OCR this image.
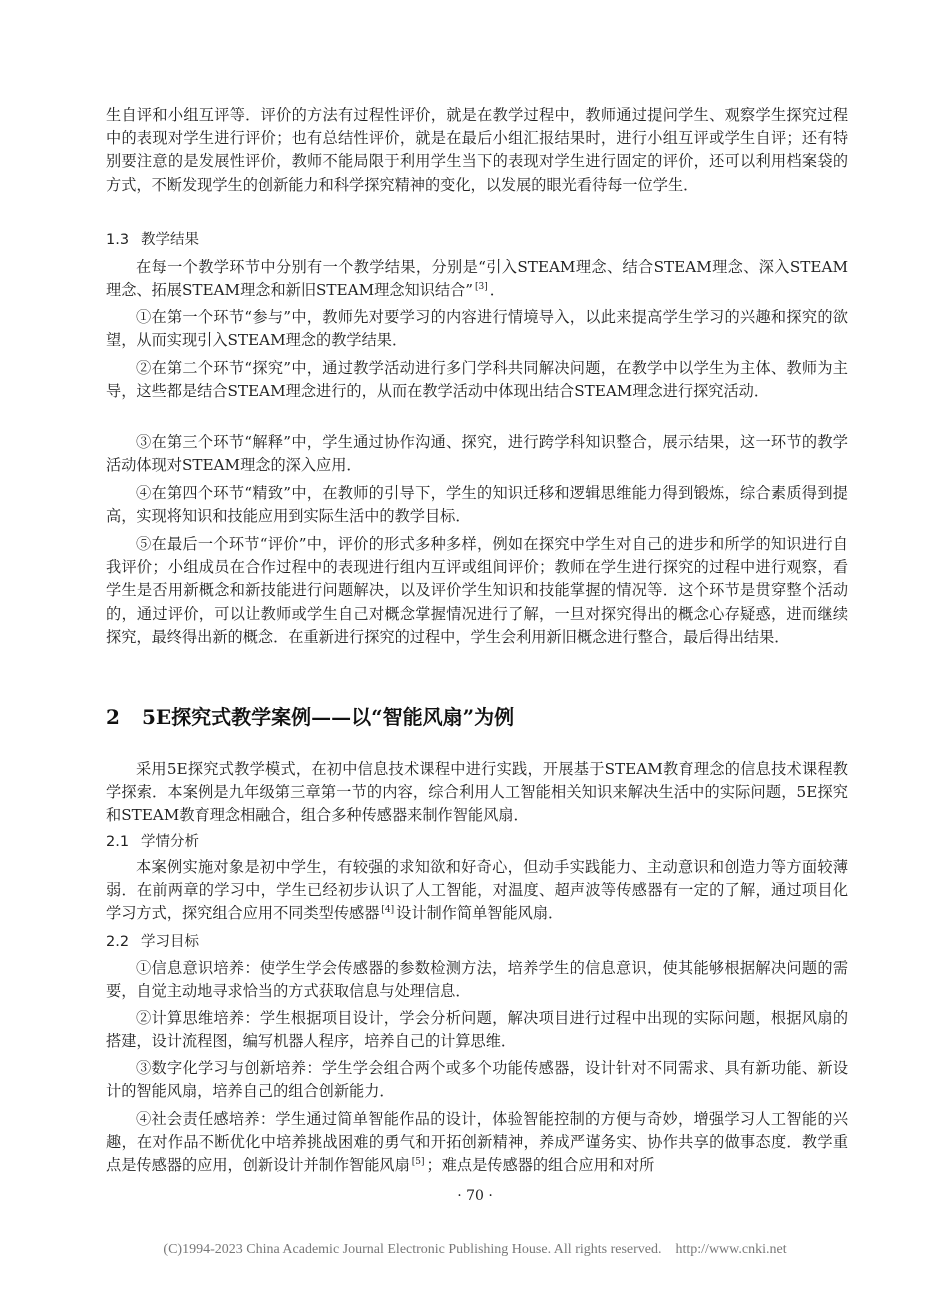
生自评和小组互评等．评价的方法有过程性评价，就是在教学过程中，教师通过提问学生、观察学生探究过程中的表现对学生进行评价；也有总结性评价，就是在最后小组汇报结果时，进行小组互评或学生自评；还有特别要注意的是发展性评价，教师不能局限于利用学生当下的表现对学生进行固定的评价，还可以利用档案袋的方式，不断发现学生的创新能力和科学探究精神的变化，以发展的眼光看待每一位学生．

1.3 教学结果

在每一个教学环节中分别有一个教学结果，分别是“引入STEAM理念、结合STEAM理念、深入STEAM理念、拓展STEAM理念和新旧STEAM理念知识结合” [3] ．

①在第一个环节“参与”中，教师先对要学习的内容进行情境导入，以此来提高学生学习的兴趣和探究的欲望，从而实现引入STEAM理念的教学结果．

②在第二个环节“探究”中，通过教学活动进行多门学科共同解决问题，在教学中以学生为主体、教师为主导，这些都是结合STEAM理念进行的，从而在教学活动中体现出结合STEAM理念进行探究活动．

③在第三个环节“解释”中，学生通过协作沟通、探究，进行跨学科知识整合，展示结果，这一环节的教学活动体现对STEAM理念的深入应用．

④在第四个环节“精致”中，在教师的引导下，学生的知识迁移和逻辑思维能力得到锻炼，综合素质得到提高，实现将知识和技能应用到实际生活中的教学目标．

⑤在最后一个环节“评价”中，评价的形式多种多样，例如在探究中学生对自己的进步和所学的知识进行自我评价；小组成员在合作过程中的表现进行组内互评或组间评价；教师在学生进行探究的过程中进行观察，看学生是否用新概念和新技能进行问题解决，以及评价学生知识和技能掌握的情况等．这个环节是贯穿整个活动的，通过评价，可以让教师或学生自己对概念掌握情况进行了解，一旦对探究得出的概念心存疑惑，进而继续探究，最终得出新的概念．在重新进行探究的过程中，学生会利用新旧概念进行整合，最后得出结果．

2 5E探究式教学案例——以“智能风扇”为例

采用5E探究式教学模式，在初中信息技术课程中进行实践，开展基于STEAM教育理念的信息技术课程教学探索．本案例是九年级第三章第一节的内容，综合利用人工智能相关知识来解决生活中的实际问题，5E探究和STEAM教育理念相融合，组合多种传感器来制作智能风扇．

2.1 学情分析

本案例实施对象是初中学生，有较强的求知欲和好奇心，但动手实践能力、主动意识和创造力等方面较薄弱．在前两章的学习中，学生已经初步认识了人工智能，对温度、超声波等传感器有一定的了解，通过项目化学习方式，探究组合应用不同类型传感器 [4] 设计制作简单智能风扇．

2.2 学习目标

①信息意识培养：使学生学会传感器的参数检测方法，培养学生的信息意识，使其能够根据解决问题的需要，自觉主动地寻求恰当的方式获取信息与处理信息．

②计算思维培养：学生根据项目设计，学会分析问题，解决项目进行过程中出现的实际问题，根据风扇的搭建，设计流程图，编写机器人程序，培养自己的计算思维．

③数字化学习与创新培养：学生学会组合两个或多个功能传感器，设计针对不同需求、具有新功能、新设计的智能风扇，培养自己的组合创新能力．

④社会责任感培养：学生通过简单智能作品的设计，体验智能控制的方便与奇妙，增强学习人工智能的兴趣，在对作品不断优化中培养挑战困难的勇气和开拓创新精神，养成严谨务实、协作共享的做事态度．教学重点是传感器的应用，创新设计并制作智能风扇 [5] ；难点是传感器的组合应用和对所

· 70 ·
(C)1994-2023 China Academic Journal Electronic Publishing House. All rights reserved. http://www.cnki.net
